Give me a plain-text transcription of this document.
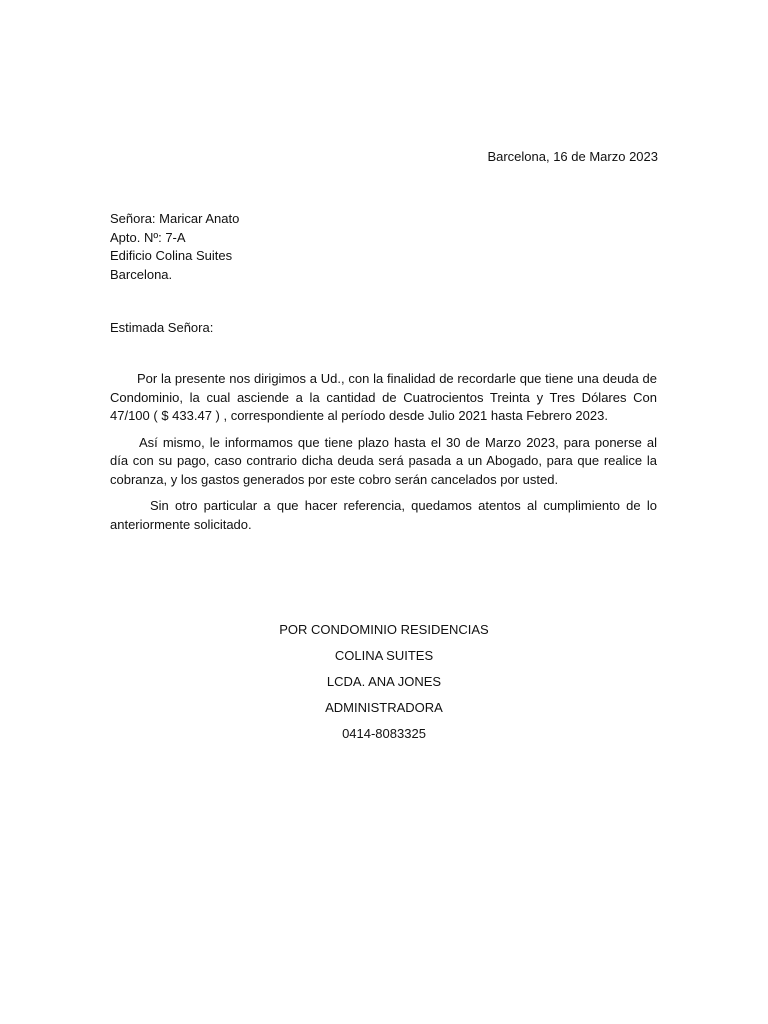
Barcelona, 16 de Marzo 2023
Señora: Maricar Anato
Apto. Nº: 7-A
Edificio Colina Suites
Barcelona.
Estimada Señora:

Por la presente nos dirigimos a Ud., con la finalidad de recordarle que tiene una deuda de Condominio, la cual asciende a la cantidad de Cuatrocientos Treinta y Tres Dólares Con 47/100 ( $ 433.47 ) , correspondiente al período desde Julio 2021 hasta Febrero 2023.

Así mismo, le informamos que tiene plazo hasta el 30 de Marzo 2023, para ponerse al día con su pago, caso contrario dicha deuda será pasada a un Abogado, para que realice la cobranza, y los gastos generados por este cobro serán cancelados por usted.

Sin otro particular a que hacer referencia, quedamos atentos al cumplimiento de lo anteriormente solicitado.

POR CONDOMINIO RESIDENCIAS
COLINA SUITES
LCDA. ANA JONES
ADMINISTRADORA
0414-8083325
